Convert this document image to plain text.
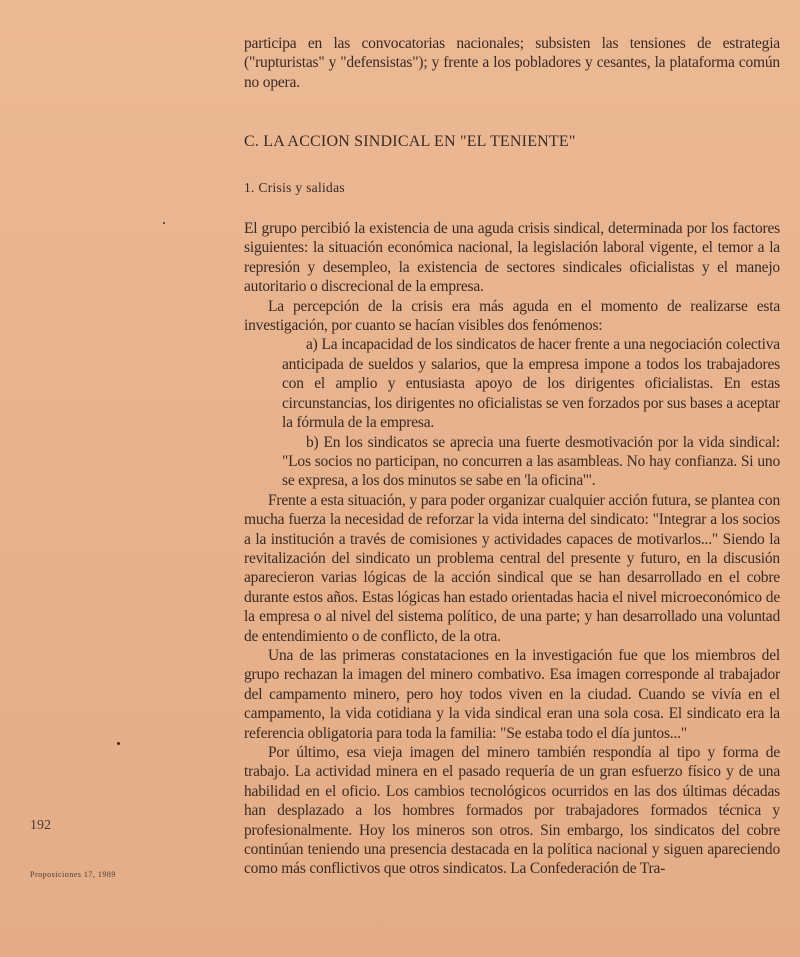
participa en las convocatorias nacionales; subsisten las tensiones de estrategia ("rupturistas" y "defensistas"); y frente a los pobladores y cesantes, la plataforma común no opera.

C. LA ACCION SINDICAL EN "EL TENIENTE"
1. Crisis y salidas

El grupo percibió la existencia de una aguda crisis sindical, determinada por los factores siguientes: la situación económica nacional, la legislación laboral vigente, el temor a la represión y desempleo, la existencia de sectores sindicales oficialistas y el manejo autoritario o discrecional de la empresa.

La percepción de la crisis era más aguda en el momento de realizarse esta investigación, por cuanto se hacían visibles dos fenómenos:

a) La incapacidad de los sindicatos de hacer frente a una negociación colectiva anticipada de sueldos y salarios, que la empresa impone a todos los trabajadores con el amplio y entusiasta apoyo de los dirigentes oficialistas. En estas circunstancias, los dirigentes no oficialistas se ven forzados por sus bases a aceptar la fórmula de la empresa.

b) En los sindicatos se aprecia una fuerte desmotivación por la vida sindical: "Los socios no participan, no concurren a las asambleas. No hay confianza. Si uno se expresa, a los dos minutos se sabe en 'la oficina'".

Frente a esta situación, y para poder organizar cualquier acción futura, se plantea con mucha fuerza la necesidad de reforzar la vida interna del sindicato: "Integrar a los socios a la institución a través de comisiones y actividades capaces de motivarlos..." Siendo la revitalización del sindicato un problema central del presente y futuro, en la discusión aparecieron varias lógicas de la acción sindical que se han desarrollado en el cobre durante estos años. Estas lógicas han estado orientadas hacia el nivel microeconómico de la empresa o al nivel del sistema político, de una parte; y han desarrollado una voluntad de entendimiento o de conflicto, de la otra.

Una de las primeras constataciones en la investigación fue que los miembros del grupo rechazan la imagen del minero combativo. Esa imagen corresponde al trabajador del campamento minero, pero hoy todos viven en la ciudad. Cuando se vivía en el campamento, la vida cotidiana y la vida sindical eran una sola cosa. El sindicato era la referencia obligatoria para toda la familia: "Se estaba todo el día juntos..."

Por último, esa vieja imagen del minero también respondía al tipo y forma de trabajo. La actividad minera en el pasado requería de un gran esfuerzo físico y de una habilidad en el oficio. Los cambios tecnológicos ocurridos en las dos últimas décadas han desplazado a los hombres formados por trabajadores formados técnica y profesionalmente. Hoy los mineros son otros. Sin embargo, los sindicatos del cobre continúan teniendo una presencia destacada en la política nacional y siguen apareciendo como más conflictivos que otros sindicatos. La Confederación de Tra-

192
Proposiciones 17, 1989
